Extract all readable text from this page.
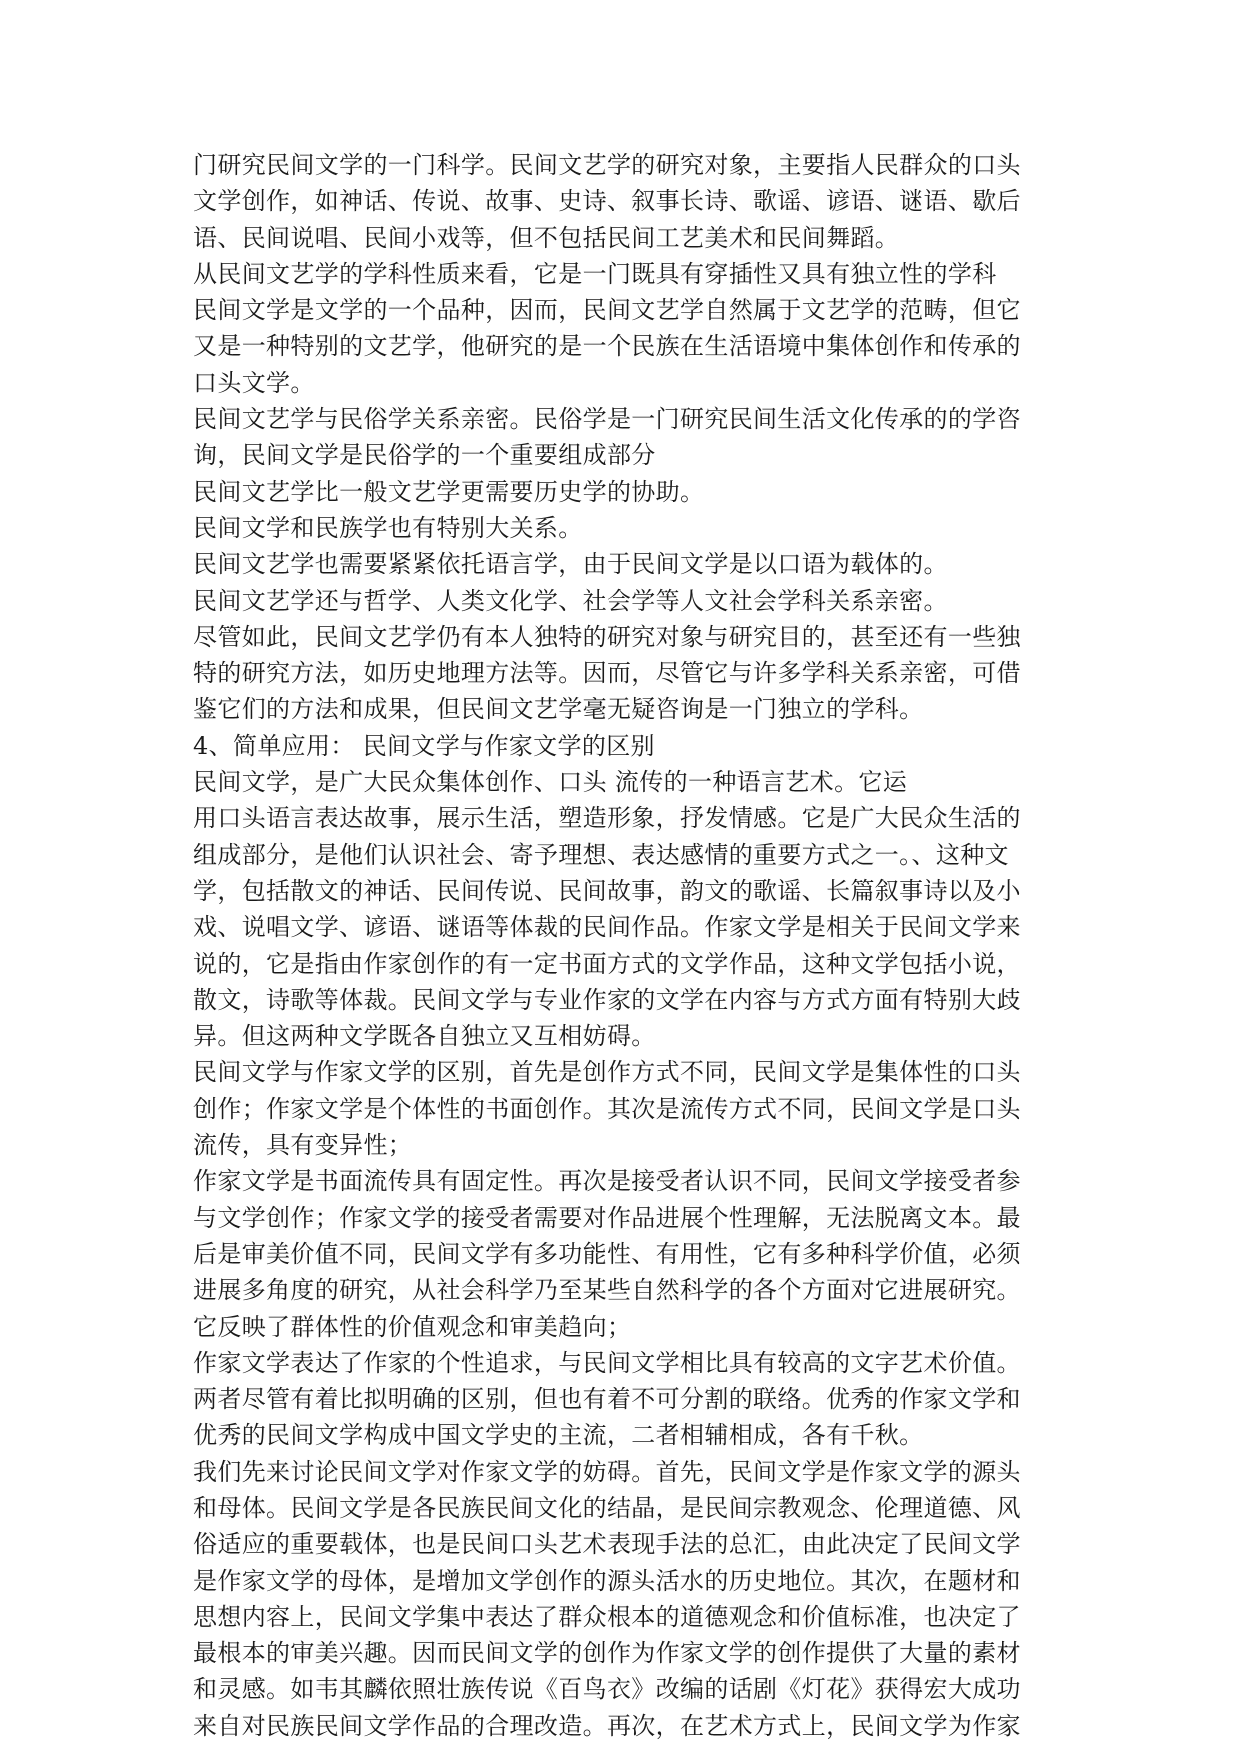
门研究民间文学的一门科学。民间文艺学的研究对象，主要指人民群众的口头
文学创作，如神话、传说、故事、史诗、叙事长诗、歌谣、谚语、谜语、歇后
语、民间说唱、民间小戏等，但不包括民间工艺美术和民间舞蹈。
从民间文艺学的学科性质来看，它是一门既具有穿插性又具有独立性的学科
民间文学是文学的一个品种，因而，民间文艺学自然属于文艺学的范畴，但它
又是一种特别的文艺学，他研究的是一个民族在生活语境中集体创作和传承的
口头文学。
民间文艺学与民俗学关系亲密。民俗学是一门研究民间生活文化传承的的学咨
询，民间文学是民俗学的一个重要组成部分
民间文艺学比一般文艺学更需要历史学的协助。
民间文学和民族学也有特别大关系。
民间文艺学也需要紧紧依托语言学，由于民间文学是以口语为载体的。
民间文艺学还与哲学、人类文化学、社会学等人文社会学科关系亲密。
尽管如此，民间文艺学仍有本人独特的研究对象与研究目的，甚至还有一些独
特的研究方法，如历史地理方法等。因而，尽管它与许多学科关系亲密，可借
鉴它们的方法和成果，但民间文艺学毫无疑咨询是一门独立的学科。
4、简单应用： 民间文学与作家文学的区别
民间文学，是广大民众集体创作、口头 流传的一种语言艺术。它运
用口头语言表达故事，展示生活，塑造形象，抒发情感。它是广大民众生活的
组成部分，是他们认识社会、寄予理想、表达感情的重要方式之一。、这种文
学，包括散文的神话、民间传说、民间故事，韵文的歌谣、长篇叙事诗以及小
戏、说唱文学、谚语、谜语等体裁的民间作品。作家文学是相关于民间文学来
说的，它是指由作家创作的有一定书面方式的文学作品，这种文学包括小说，
散文，诗歌等体裁。民间文学与专业作家的文学在内容与方式方面有特别大歧
异。但这两种文学既各自独立又互相妨碍。
民间文学与作家文学的区别，首先是创作方式不同，民间文学是集体性的口头
创作；作家文学是个体性的书面创作。其次是流传方式不同，民间文学是口头
流传，具有变异性；
作家文学是书面流传具有固定性。再次是接受者认识不同，民间文学接受者参
与文学创作；作家文学的接受者需要对作品进展个性理解，无法脱离文本。最
后是审美价值不同，民间文学有多功能性、有用性，它有多种科学价值，必须
进展多角度的研究，从社会科学乃至某些自然科学的各个方面对它进展研究。
它反映了群体性的价值观念和审美趋向；
作家文学表达了作家的个性追求，与民间文学相比具有较高的文字艺术价值。
两者尽管有着比拟明确的区别，但也有着不可分割的联络。优秀的作家文学和
优秀的民间文学构成中国文学史的主流，二者相辅相成，各有千秋。
我们先来讨论民间文学对作家文学的妨碍。首先，民间文学是作家文学的源头
和母体。民间文学是各民族民间文化的结晶，是民间宗教观念、伦理道德、风
俗适应的重要载体，也是民间口头艺术表现手法的总汇，由此决定了民间文学
是作家文学的母体，是增加文学创作的源头活水的历史地位。其次，在题材和
思想内容上，民间文学集中表达了群众根本的道德观念和价值标准，也决定了
最根本的审美兴趣。因而民间文学的创作为作家文学的创作提供了大量的素材
和灵感。如韦其麟依照壮族传说《百鸟衣》改编的话剧《灯花》获得宏大成功
来自对民族民间文学作品的合理改造。再次，在艺术方式上，民间文学为作家
